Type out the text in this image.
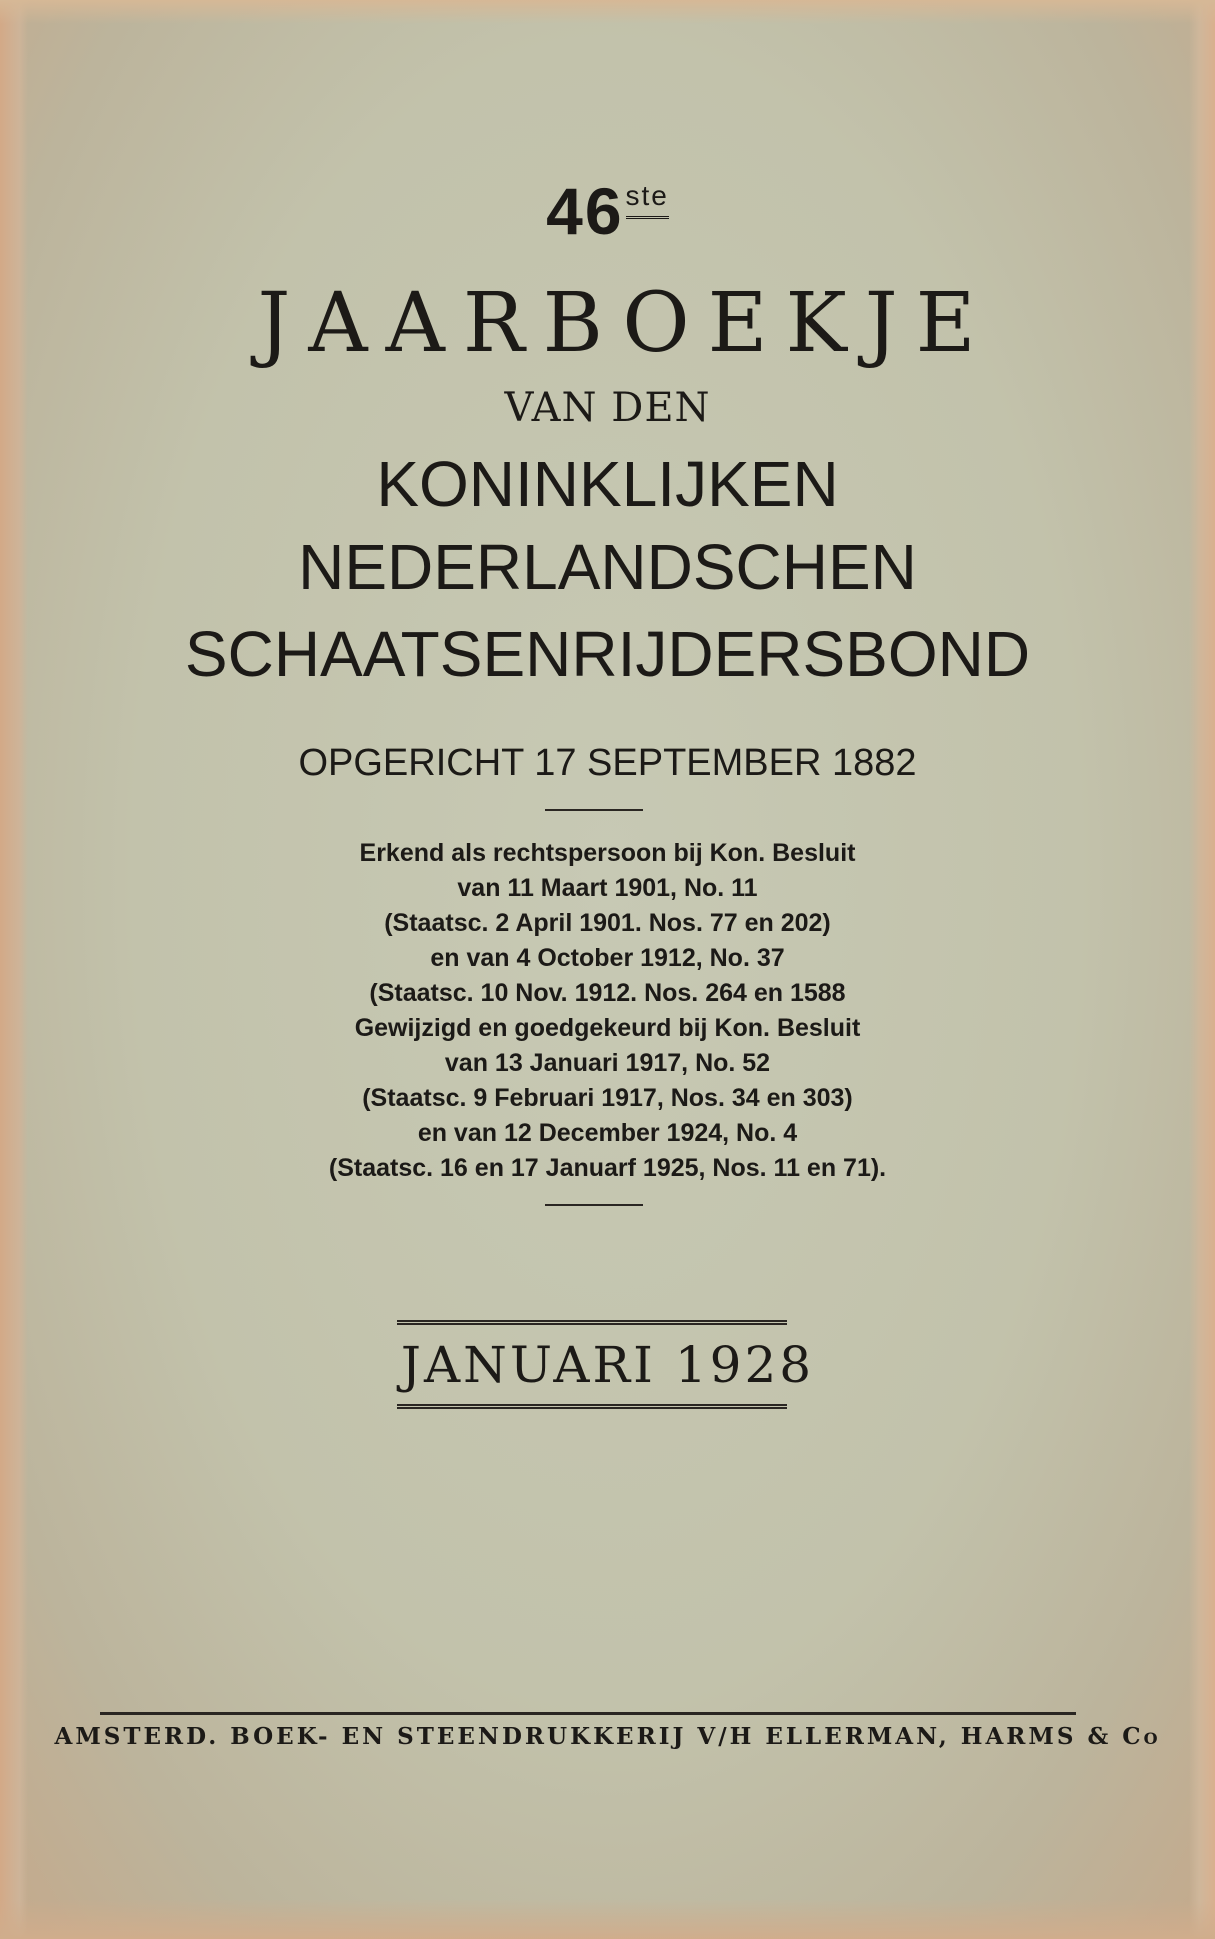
46ste
JAARBOEKJE
VAN DEN
KONINKLIJKEN
NEDERLANDSCHEN
SCHAATSENRIJDERSBOND
OPGERICHT 17 SEPTEMBER 1882
Erkend als rechtspersoon bij Kon. Besluit
van 11 Maart 1901, No. 11
(Staatsc. 2 April 1901. Nos. 77 en 202)
en van 4 October 1912, No. 37
(Staatsc. 10 Nov. 1912. Nos. 264 en 1588
Gewijzigd en goedgekeurd bij Kon. Besluit
van 13 Januari 1917, No. 52
(Staatsc. 9 Februari 1917, Nos. 34 en 303)
en van 12 December 1924, No. 4
(Staatsc. 16 en 17 Januarf 1925, Nos. 11 en 71).
JANUARI 1928
AMSTERD. BOEK- EN STEENDRUKKERIJ V/H ELLERMAN, HARMS & Co
